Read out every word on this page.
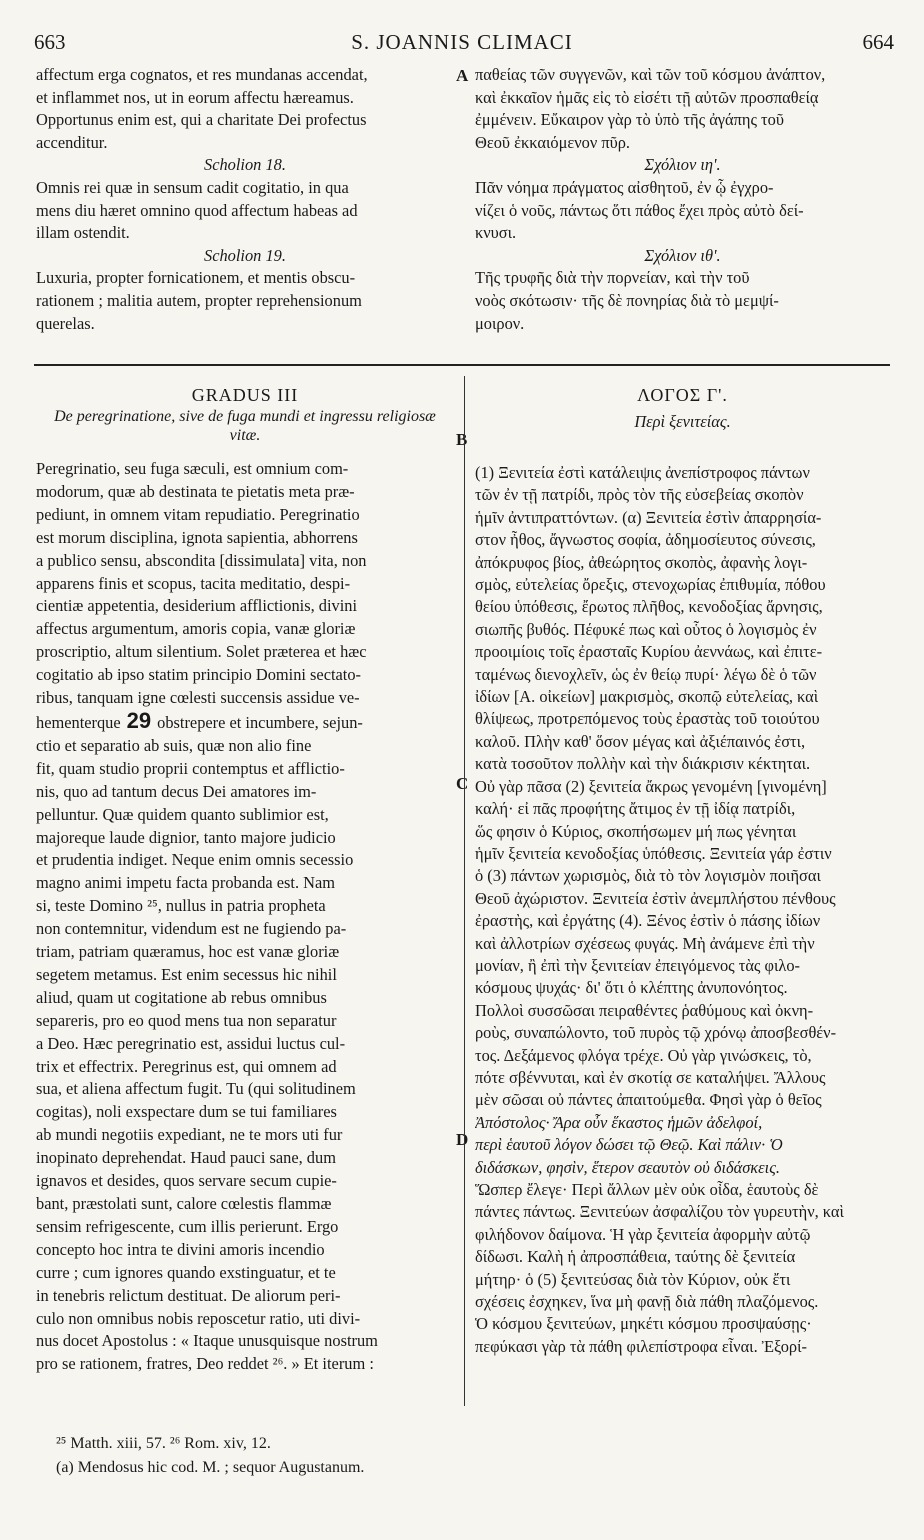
663	S. JOANNIS CLIMACI	664
affectum erga cognatos, et res mundanas accendat,
et inflammet nos, ut in eorum affectu hæreamus.
Opportunus enim est, qui a charitate Dei profectus
accenditur.
Scholion 18.
Omnis rei quæ in sensum cadit cogitatio, in qua
mens diu hæret omnino quod affectum habeas ad
illam ostendit.
Scholion 19.
Luxuria, propter fornicationem, et mentis obscu-
rationem ; malitia autem, propter reprehensionum
querelas.
παθείας τῶν συγγενῶν, καὶ τῶν τοῦ κόσμου ἀνάπτον,
καὶ ἐκκαῖον ἡμᾶς εἰς τὸ εἰσέτι τῇ αὐτῶν προσπαθείᾳ
ἐμμένειν. Εὔκαιρον γὰρ τὸ ὑπὸ τῆς ἀγάπης τοῦ
Θεοῦ ἐκκαιόμενον πῦρ.
Σχόλιον ιη'.
Πᾶν νόημα πράγματος αἰσθητοῦ, ἐν ᾧ ἐγχρο-
νίζει ὁ νοῦς, πάντως ὅτι πάθος ἔχει πρὸς αὐτὸ δεί-
κνυσι.
Σχόλιον ιθ'.
Τῆς τρυφῆς διὰ τὴν πορνείαν, καὶ τὴν τοῦ
νοὸς σκότωσιν· τῆς δὲ πονηρίας διὰ τὸ μεμψί-
μοιρον.
A
B
C
D
GRADUS III
De peregrinatione, sive de fuga mundi et ingressu religiosæ vitæ.
ΛΟΓΟΣ Γ'.
Περὶ ξενιτείας.
Peregrinatio, seu fuga sæculi, est omnium com-
modorum, quæ ab destinata te pietatis meta præ-
pediunt, in omnem vitam repudiatio. Peregrinatio
est morum disciplina, ignota sapientia, abhorrens
a publico sensu, abscondita [dissimulata] vita, non
apparens finis et scopus, tacita meditatio, despi-
cientiæ appetentia, desiderium afflictionis, divini
affectus argumentum, amoris copia, vanæ gloriæ
proscriptio, altum silentium. Solet præterea et hæc
cogitatio ab ipso statim principio Domini sectato-
ribus, tanquam igne cœlesti succensis assidue ve-
hementerque 29 obstrepere et incumbere, sejun-
ctio et separatio ab suis, quæ non alio fine
fit, quam studio proprii contemptus et afflictio-
nis, quo ad tantum decus Dei amatores im-
pelluntur. Quæ quidem quanto sublimior est,
majoreque laude dignior, tanto majore judicio
et prudentia indiget. Neque enim omnis secessio
magno animi impetu facta probanda est. Nam
si, teste Domino ²⁵, nullus in patria propheta
non contemnitur, videndum est ne fugiendo pa-
triam, patriam quæramus, hoc est vanæ gloriæ
segetem metamus. Est enim secessus hic nihil
aliud, quam ut cogitatione ab rebus omnibus
separeris, pro eo quod mens tua non separatur
a Deo. Hæc peregrinatio est, assidui luctus cul-
trix et effectrix. Peregrinus est, qui omnem ad
sua, et aliena affectum fugit. Tu (qui solitudinem
cogitas), noli exspectare dum se tui familiares
ab mundi negotiis expediant, ne te mors uti fur
inopinato deprehendat. Haud pauci sane, dum
ignavos et desides, quos servare secum cupie-
bant, præstolati sunt, calore cœlestis flammæ
sensim refrigescente, cum illis perierunt. Ergo
concepto hoc intra te divini amoris incendio
curre ; cum ignores quando exstinguatur, et te
in tenebris relictum destituat. De aliorum peri-
culo non omnibus nobis reposcetur ratio, uti divi-
nus docet Apostolus : « Itaque unusquisque nostrum
pro se rationem, fratres, Deo reddet ²⁶. » Et iterum :
(1) Ξενιτεία ἐστὶ κατάλειψις ἀνεπίστροφος πάντων
τῶν ἐν τῇ πατρίδι, πρὸς τὸν τῆς εὐσεβείας σκοπὸν
ἡμῖν ἀντιπραττόντων. (α) Ξενιτεία ἐστὶν ἀπαρρησία-
στον ἦθος, ἄγνωστος σοφία, ἀδημοσίευτος σύνεσις,
ἀπόκρυφος βίος, ἀθεώρητος σκοπὸς, ἀφανὴς λογι-
σμὸς, εὐτελείας ὄρεξις, στενοχωρίας ἐπιθυμία, πόθου
θείου ὑπόθεσις, ἔρωτος πλῆθος, κενοδοξίας ἄρνησις,
σιωπῆς βυθός. Πέφυκέ πως καὶ οὗτος ὁ λογισμὸς ἐν
προοιμίοις τοῖς ἐρασταῖς Κυρίου ἀεννάως, καὶ ἐπιτε-
ταμένως διενοχλεῖν, ὡς ἐν θείῳ πυρί· λέγω δὲ ὁ τῶν
ἰδίων [A. οἰκείων] μακρισμὸς, σκοπῷ εὐτελείας, καὶ
θλίψεως, προτρεπόμενος τοὺς ἐραστὰς τοῦ τοιούτου
καλοῦ. Πλὴν καθ' ὅσον μέγας καὶ ἀξιέπαινός ἐστι,
κατὰ τοσοῦτον πολλὴν καὶ τὴν διάκρισιν κέκτηται.
Οὐ γὰρ πᾶσα (2) ξενιτεία ἄκρως γενομένη [γινομένη]
καλή· εἰ πᾶς προφήτης ἄτιμος ἐν τῇ ἰδίᾳ πατρίδι,
ὥς φησιν ὁ Κύριος, σκοπήσωμεν μή πως γένηται
ἡμῖν ξενιτεία κενοδοξίας ὑπόθεσις. Ξενιτεία γάρ ἐστιν
ὁ (3) πάντων χωρισμὸς, διὰ τὸ τὸν λογισμὸν ποιῆσαι
Θεοῦ ἀχώριστον. Ξενιτεία ἐστὶν ἀνεμπλήστου πένθους
ἐραστὴς, καὶ ἐργάτης (4). Ξένος ἐστὶν ὁ πάσης ἰδίων
καὶ ἀλλοτρίων σχέσεως φυγάς. Μὴ ἀνάμενε ἐπὶ τὴν
μονίαν, ἢ ἐπὶ τὴν ξενιτείαν ἐπειγόμενος τὰς φιλο-
κόσμους ψυχάς· δι' ὅτι ὁ κλέπτης ἀνυπονόητος.
Πολλοὶ συσσῶσαι πειραθέντες ῥαθύμους καὶ ὀκνη-
ροὺς, συναπώλοντο, τοῦ πυρὸς τῷ χρόνῳ ἀποσβεσθέν-
τος. Δεξάμενος φλόγα τρέχε. Οὐ γὰρ γινώσκεις, τὸ,
πότε σβέννυται, καὶ ἐν σκοτίᾳ σε καταλήψει. Ἄλλους
μὲν σῶσαι οὐ πάντες ἀπαιτούμεθα. Φησὶ γὰρ ὁ θεῖος
Ἀπόστολος· Ἄρα οὖν ἕκαστος ἡμῶν ἀδελφοί,
περὶ ἑαυτοῦ λόγον δώσει τῷ Θεῷ. Καὶ πάλιν· Ὁ
διδάσκων, φησὶν, ἕτερον σεαυτὸν οὐ διδάσκεις.
Ὥσπερ ἔλεγε· Περὶ ἄλλων μὲν οὐκ οἶδα, ἑαυτοὺς δὲ
πάντες πάντως. Ξενιτεύων ἀσφαλίζου τὸν γυρευτὴν, καὶ
φιλήδονον δαίμονα. Ἡ γὰρ ξενιτεία ἀφορμὴν αὐτῷ
δίδωσι. Καλὴ ἡ ἀπροσπάθεια, ταύτης δὲ ξενιτεία
μήτηρ· ὁ (5) ξενιτεύσας διὰ τὸν Κύριον, οὐκ ἔτι
σχέσεις ἐσχηκεν, ἵνα μὴ φανῇ διὰ πάθη πλαζόμενος.
Ὁ κόσμου ξενιτεύων, μηκέτι κόσμου προσψαύσῃς·
πεφύκασι γὰρ τὰ πάθη φιλεπίστροφα εἶναι. Ἐξορί-
²⁵ Matth. xiii, 57. ²⁶ Rom. xiv, 12.
(a) Mendosus hic cod. M. ; sequor Augustanum.
